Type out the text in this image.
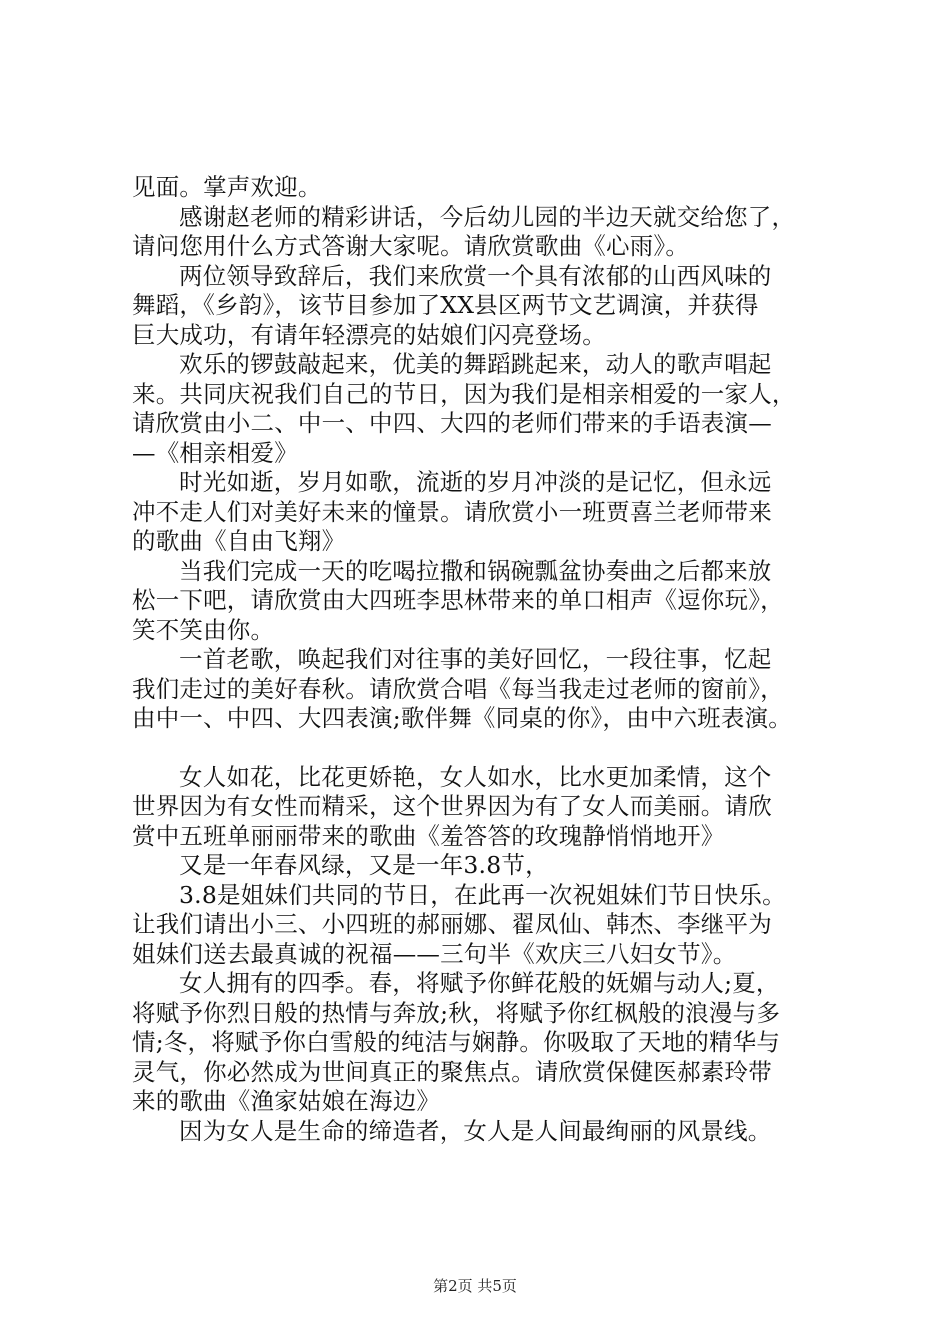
见面。掌声欢迎。
感谢赵老师的精彩讲话，今后幼儿园的半边天就交给您了，
请问您用什么方式答谢大家呢。请欣赏歌曲《心雨》。
两位领导致辞后，我们来欣赏一个具有浓郁的山西风味的
舞蹈，《乡韵》，该节目参加了XX县区两节文艺调演，并获得
巨大成功，有请年轻漂亮的姑娘们闪亮登场。
欢乐的锣鼓敲起来，优美的舞蹈跳起来，动人的歌声唱起
来。共同庆祝我们自己的节日，因为我们是相亲相爱的一家人，
请欣赏由小二、中一、中四、大四的老师们带来的手语表演—
—《相亲相爱》
时光如逝，岁月如歌，流逝的岁月冲淡的是记忆，但永远
冲不走人们对美好未来的憧景。请欣赏小一班贾喜兰老师带来
的歌曲《自由飞翔》
当我们完成一天的吃喝拉撒和锅碗瓢盆协奏曲之后都来放
松一下吧，请欣赏由大四班李思林带来的单口相声《逗你玩》，
笑不笑由你。
一首老歌，唤起我们对往事的美好回忆，一段往事，忆起
我们走过的美好春秋。请欣赏合唱《每当我走过老师的窗前》，
由中一、中四、大四表演;歌伴舞《同桌的你》，由中六班表演。
女人如花，比花更娇艳，女人如水，比水更加柔情，这个
世界因为有女性而精采，这个世界因为有了女人而美丽。请欣
赏中五班单丽丽带来的歌曲《羞答答的玫瑰静悄悄地开》
又是一年春风绿，又是一年3.8节，
3.8是姐妹们共同的节日，在此再一次祝姐妹们节日快乐。
让我们请出小三、小四班的郝丽娜、翟凤仙、韩杰、李继平为
姐妹们送去最真诚的祝福——三句半《欢庆三八妇女节》。
女人拥有的四季。春，将赋予你鲜花般的妩媚与动人;夏，
将赋予你烈日般的热情与奔放;秋，将赋予你红枫般的浪漫与多
情;冬，将赋予你白雪般的纯洁与娴静。你吸取了天地的精华与
灵气，你必然成为世间真正的聚焦点。请欣赏保健医郝素玲带
来的歌曲《渔家姑娘在海边》
因为女人是生命的缔造者，女人是人间最绚丽的风景线。
第2页 共5页
